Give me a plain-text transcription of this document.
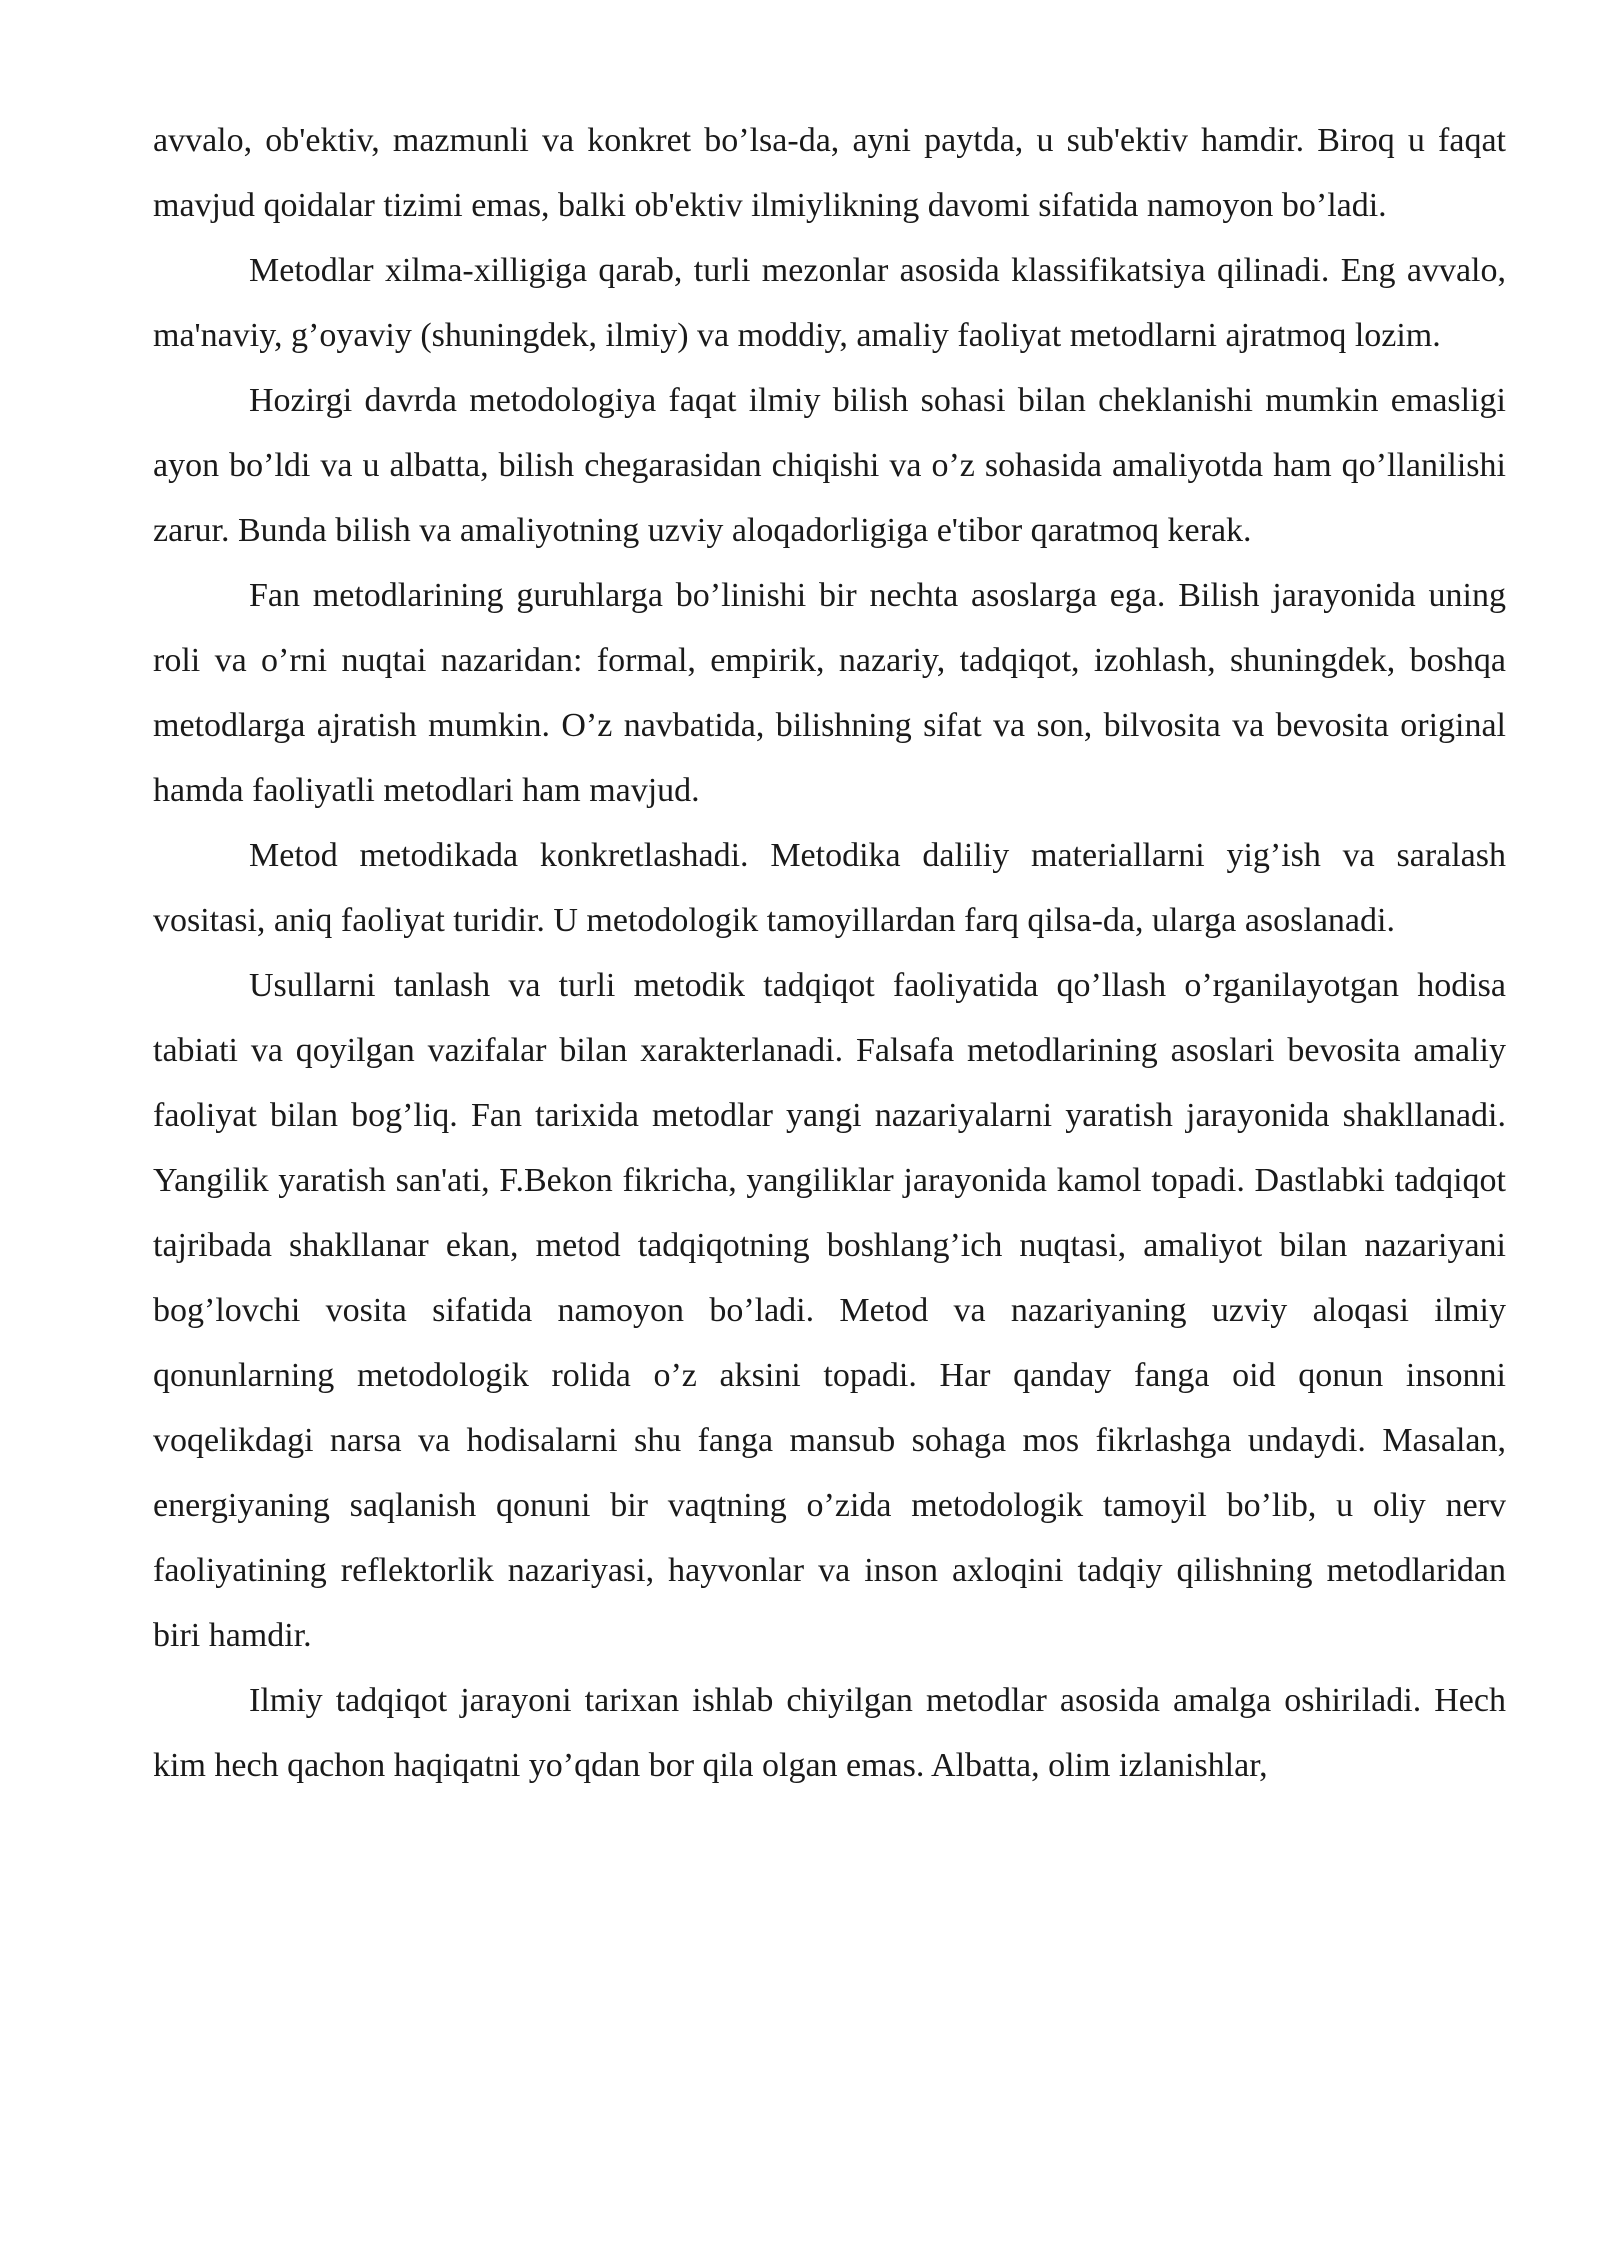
avvalo, ob'ektiv, mazmunli va konkret bo’lsa-da, ayni paytda, u sub'ektiv hamdir. Biroq u faqat mavjud qoidalar tizimi emas, balki ob'ektiv ilmiylikning davomi sifatida namoyon bo’ladi.

Metodlar xilma-xilligiga qarab, turli mezonlar asosida klassifikatsiya qilinadi. Eng avvalo, ma'naviy, g’oyaviy (shuningdek, ilmiy) va moddiy, amaliy faoliyat metodlarni ajratmoq lozim.

Hozirgi davrda metodologiya faqat ilmiy bilish sohasi bilan cheklanishi mumkin emasligi ayon bo’ldi va u albatta, bilish chegarasidan chiqishi va o’z sohasida amaliyotda ham qo’llanilishi zarur. Bunda bilish va amaliyotning uzviy aloqadorligiga e'tibor qaratmoq kerak.

Fan metodlarining guruhlarga bo’linishi bir nechta asoslarga ega. Bilish jarayonida uning roli va o’rni nuqtai nazaridan: formal, empirik, nazariy, tadqiqot, izohlash, shuningdek, boshqa metodlarga ajratish mumkin. O’z navbatida, bilishning sifat va son, bilvosita va bevosita original hamda faoliyatli metodlari ham mavjud.

Metod metodikada konkretlashadi. Metodika daliliy materiallarni yig’ish va saralash vositasi, aniq faoliyat turidir. U metodologik tamoyillardan farq qilsa-da, ularga asoslanadi.

Usullarni tanlash va turli metodik tadqiqot faoliyatida qo’llash o’rganilayotgan hodisa tabiati va qoyilgan vazifalar bilan xarakterlanadi. Falsafa metodlarining asoslari bevosita amaliy faoliyat bilan bog’liq. Fan tarixida metodlar yangi nazariyalarni yaratish jarayonida shakllanadi. Yangilik yaratish san'ati, F.Bekon fikricha, yangiliklar jarayonida kamol topadi. Dastlabki tadqiqot tajribada shakllanar ekan, metod tadqiqotning boshlang’ich nuqtasi, amaliyot bilan nazariyani bog’lovchi vosita sifatida namoyon bo’ladi. Metod va nazariyaning uzviy aloqasi ilmiy qonunlarning metodologik rolida o’z aksini topadi. Har qanday fanga oid qonun insonni voqelikdagi narsa va hodisalarni shu fanga mansub sohaga mos fikrlashga undaydi. Masalan, energiyaning saqlanish qonuni bir vaqtning o’zida metodologik tamoyil bo’lib, u oliy nerv faoliyatining reflektorlik nazariyasi, hayvonlar va inson axloqini tadqiy qilishning metodlaridan biri hamdir.

Ilmiy tadqiqot jarayoni tarixan ishlab chiyilgan metodlar asosida amalga oshiriladi. Hech kim hech qachon haqiqatni yo’qdan bor qila olgan emas. Albatta, olim izlanishlar,
